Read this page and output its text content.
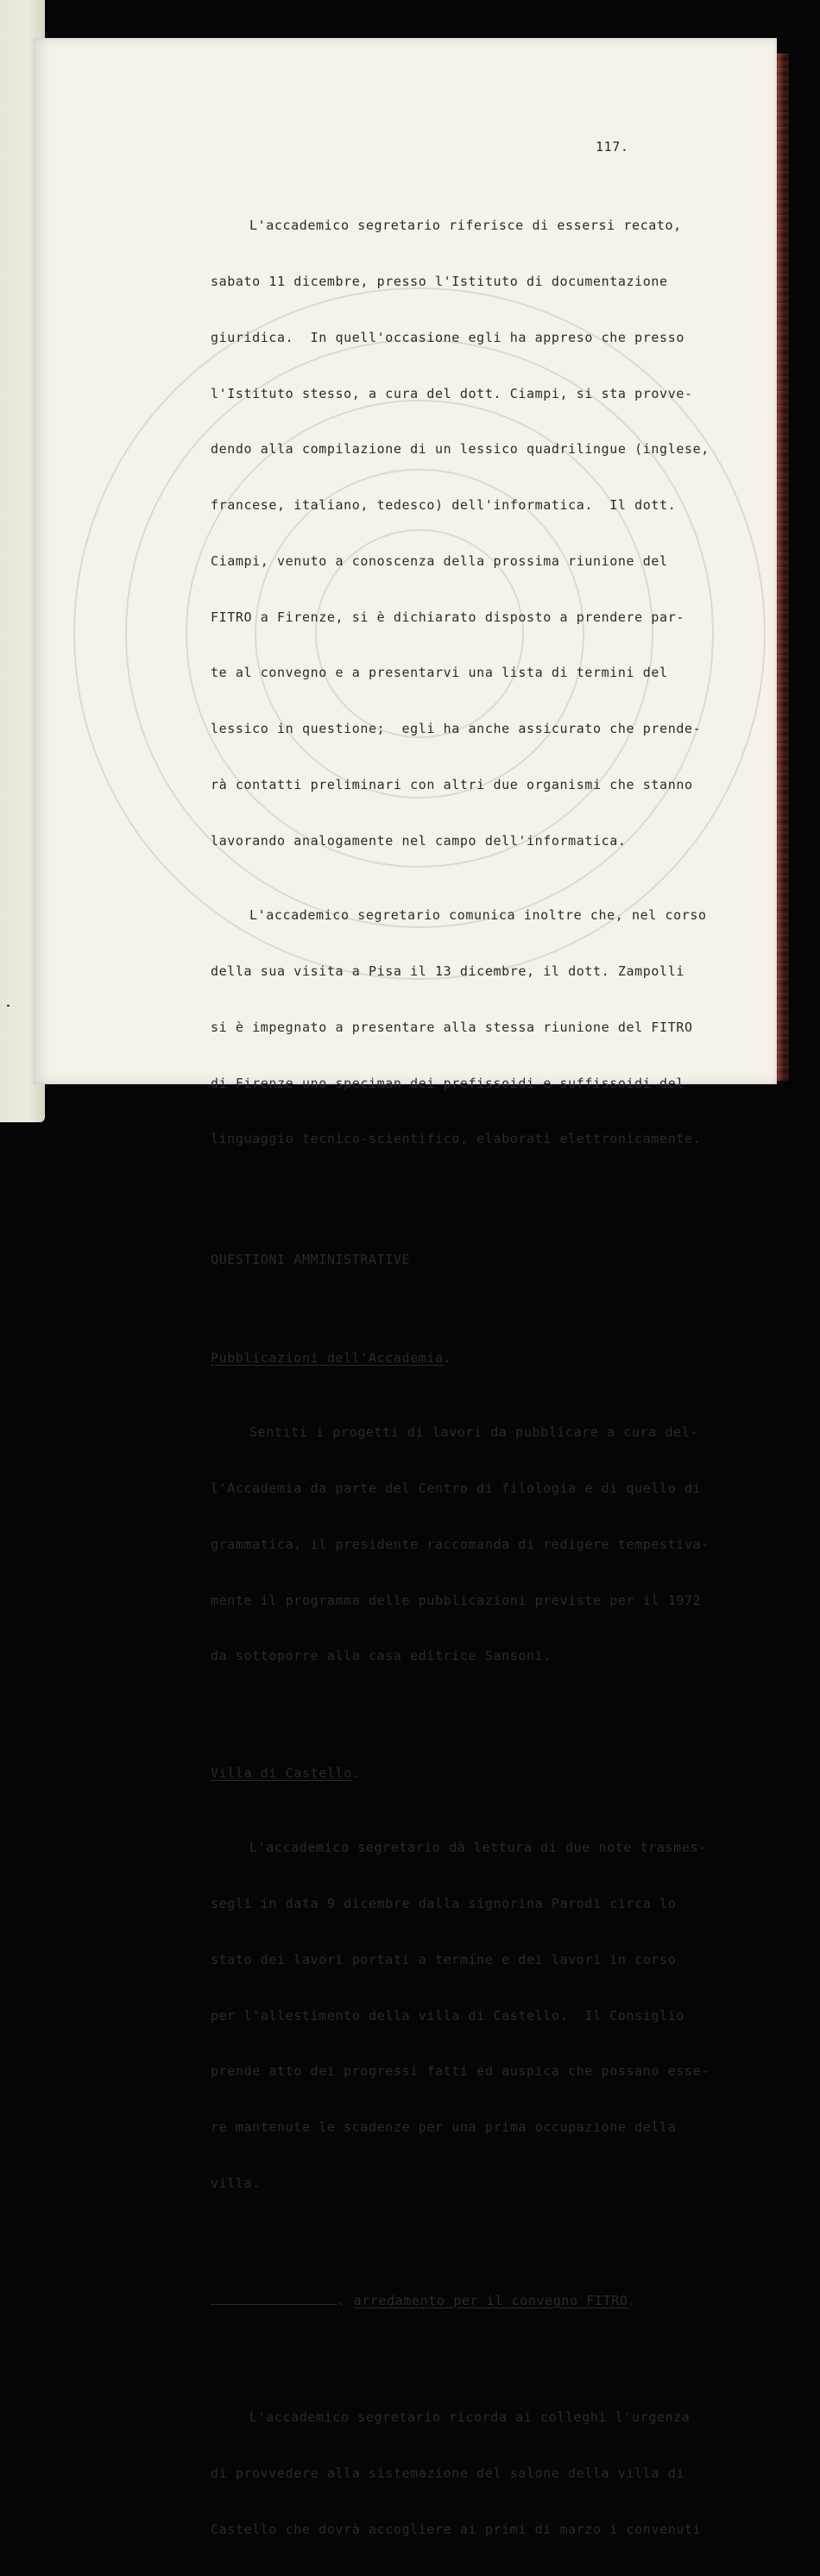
117.

L'accademico segretario riferisce di essersi recato,

sabato 11 dicembre, presso l'Istituto di documentazione

giuridica.  In quell'occasione egli ha appreso che presso

l'Istituto stesso, a cura del dott. Ciampi, si sta provve-

dendo alla compilazione di un lessico quadrilingue (inglese,

francese, italiano, tedesco) dell'informatica.  Il dott.

Ciampi, venuto a conoscenza della prossima riunione del

FITRO a Firenze, si è dichiarato disposto a prendere par-

te al convegno e a presentarvi una lista di termini del

lessico in questione;  egli ha anche assicurato che prende-

rà contatti preliminari con altri due organismi che stanno

lavorando analogamente nel campo dell'informatica.

L'accademico segretario comunica inoltre che, nel corso

della sua visita a Pisa il 13 dicembre, il dott. Zampolli

si è impegnato a presentare alla stessa riunione del FITRO

di Firenze uno speciman dei prefissoidi e suffissoidi del

linguaggio tecnico-scientifico, elaborati elettronicamente.

QUESTIONI AMMINISTRATIVE

Pubblicazioni dell'Accademia.

Sentiti i progetti di lavori da pubblicare a cura del-

l'Accademia da parte del Centro di filologia e di quello di

grammatica, il presidente raccomanda di redigere tempestiva-

mente il programma delle pubblicazioni previste per il 1972

da sottoporre alla casa editrice Sansoni.

Villa di Castello.

L'accademico segretario dà lettura di due note trasmes-

segli in data 9 dicembre dalla signorina Parodi circa lo

stato dei lavori portati a termine e dei lavori in corso

per l'allestimento della villa di Castello.  Il Consiglio

prende atto dei progressi fatti ed auspica che possano esse-

re mantenute le scadenze per una prima occupazione della

villa.

. arredamento per il convegno FITRO.

L'accademico segretario ricorda ai colleghi l'urgenza

di provvedere alla sistemazione del salone della villa di

Castello che dovrà accogliere ai primi di marzo i convenuti
